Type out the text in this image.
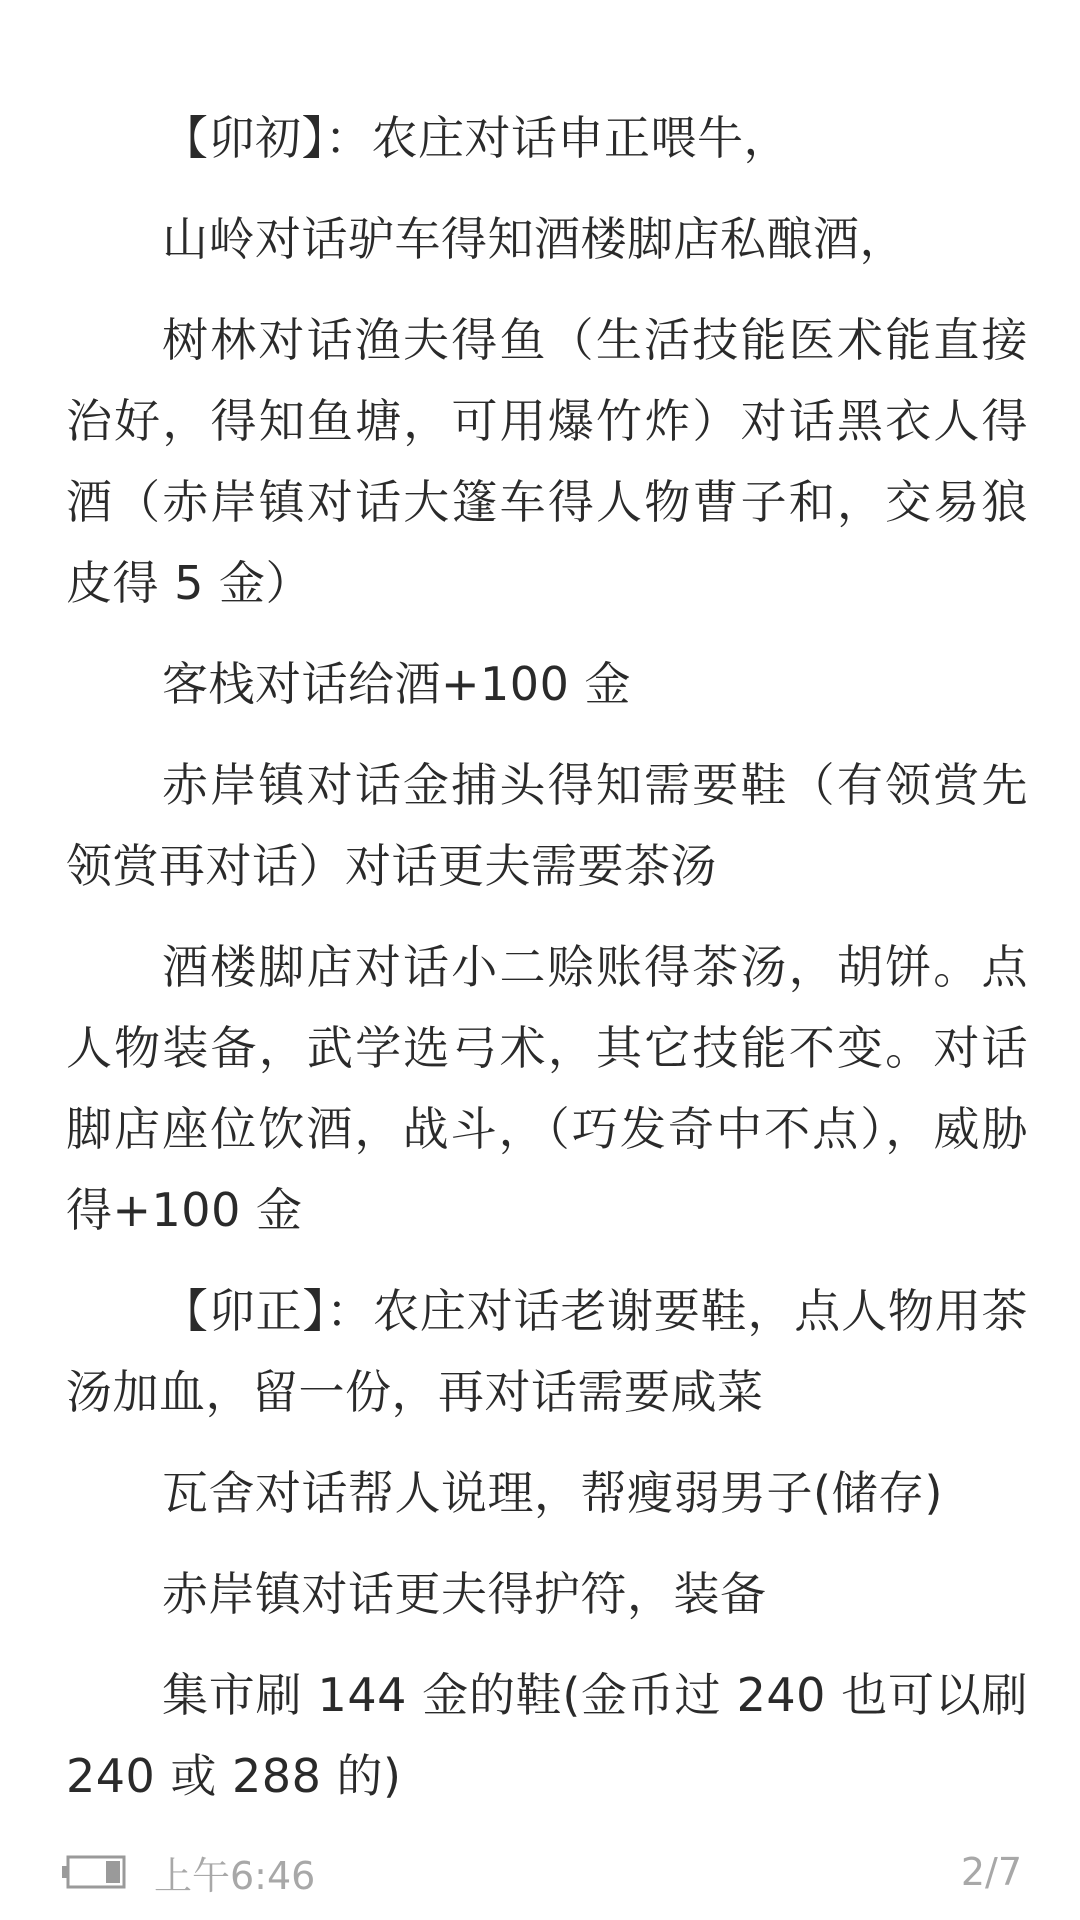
【卯初】：农庄对话申正喂牛，

山岭对话驴车得知酒楼脚店私酿酒，

树林对话渔夫得鱼（生活技能医术能直接治好，得知鱼塘，可用爆竹炸）对话黑衣人得酒（赤岸镇对话大篷车得人物曹子和，交易狼皮得 5 金）

客栈对话给酒+100 金

赤岸镇对话金捕头得知需要鞋（有领赏先领赏再对话）对话更夫需要茶汤

酒楼脚店对话小二赊账得茶汤，胡饼。点人物装备，武学选弓术，其它技能不变。对话脚店座位饮酒，战斗，（巧发奇中不点），威胁得+100 金

【卯正】：农庄对话老谢要鞋，点人物用茶汤加血，留一份，再对话需要咸菜

瓦舍对话帮人说理，帮瘦弱男子(储存)

赤岸镇对话更夫得护符，装备

集市刷 144 金的鞋(金币过 240 也可以刷 240 或 288 的)

上午6:46	2/7
